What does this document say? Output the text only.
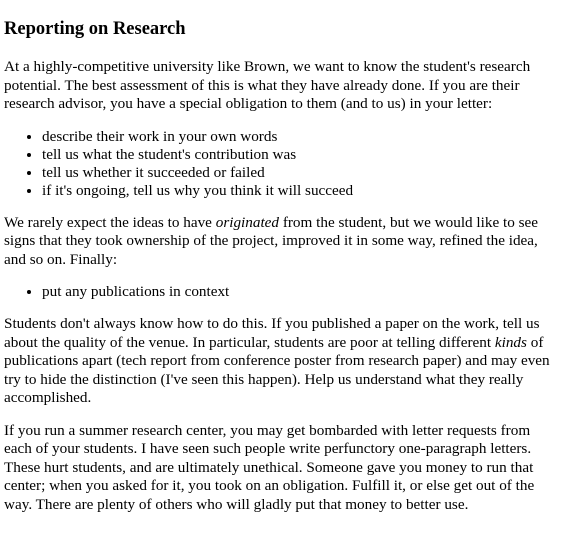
Reporting on Research

At a highly-competitive university like Brown, we want to know the student's research potential. The best assessment of this is what they have already done. If you are their research advisor, you have a special obligation to them (and to us) in your letter:

• describe their work in your own words
• tell us what the student's contribution was
• tell us whether it succeeded or failed
• if it's ongoing, tell us why you think it will succeed

We rarely expect the ideas to have originated from the student, but we would like to see signs that they took ownership of the project, improved it in some way, refined the idea, and so on. Finally:

• put any publications in context

Students don't always know how to do this. If you published a paper on the work, tell us about the quality of the venue. In particular, students are poor at telling different kinds of publications apart (tech report from conference poster from research paper) and may even try to hide the distinction (I've seen this happen). Help us understand what they really accomplished.

If you run a summer research center, you may get bombarded with letter requests from each of your students. I have seen such people write perfunctory one-paragraph letters. These hurt students, and are ultimately unethical. Someone gave you money to run that center; when you asked for it, you took on an obligation. Fulfill it, or else get out of the way. There are plenty of others who will gladly put that money to better use.
